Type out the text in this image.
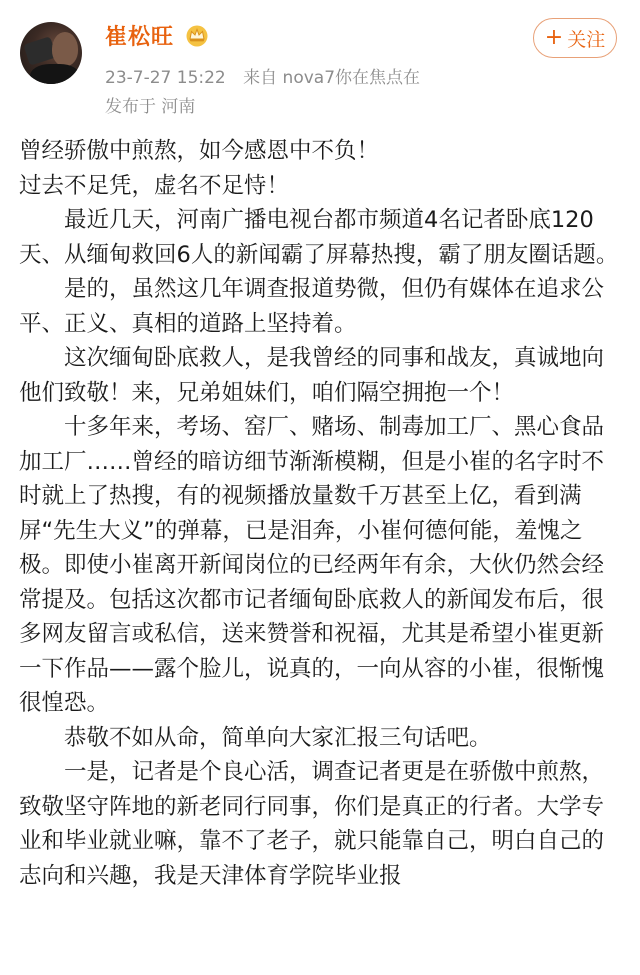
崔松旺
23-7-27 15:22 来自 nova7你在焦点在
发布于 河南
+ 关注

曾经骄傲中煎熬，如今感恩中不负！

过去不足凭，虚名不足恃！

最近几天，河南广播电视台都市频道4名记者卧底120天、从缅甸救回6人的新闻霸了屏幕热搜，霸了朋友圈话题。

是的，虽然这几年调查报道势微，但仍有媒体在追求公平、正义、真相的道路上坚持着。

这次缅甸卧底救人，是我曾经的同事和战友，真诚地向他们致敬！来，兄弟姐妹们，咱们隔空拥抱一个！

十多年来，考场、窑厂、赌场、制毒加工厂、黑心食品加工厂……曾经的暗访细节渐渐模糊，但是小崔的名字时不时就上了热搜，有的视频播放量数千万甚至上亿，看到满屏“先生大义”的弹幕，已是泪奔，小崔何德何能，羞愧之极。即使小崔离开新闻岗位的已经两年有余，大伙仍然会经常提及。包括这次都市记者缅甸卧底救人的新闻发布后，很多网友留言或私信，送来赞誉和祝福，尤其是希望小崔更新一下作品——露个脸儿，说真的，一向从容的小崔，很惭愧很惶恐。

恭敬不如从命，简单向大家汇报三句话吧。

一是，记者是个良心活，调查记者更是在骄傲中煎熬，致敬坚守阵地的新老同行同事，你们是真正的行者。大学专业和毕业就业嘛，靠不了老子，就只能靠自己，明白自己的志向和兴趣，我是天津体育学院毕业报
